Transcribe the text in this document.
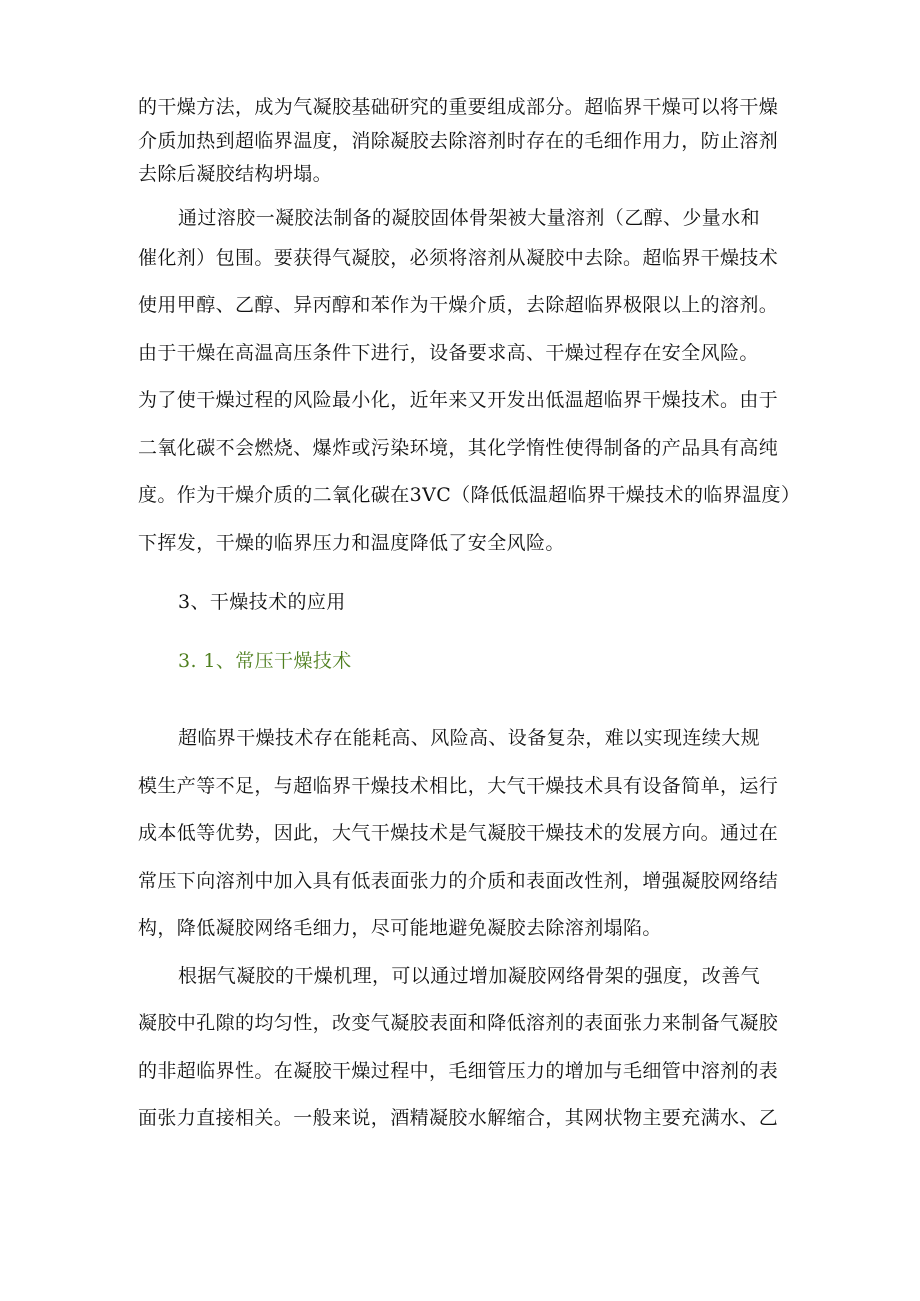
的干燥方法，成为气凝胶基础研究的重要组成部分。超临界干燥可以将干燥
介质加热到超临界温度，消除凝胶去除溶剂时存在的毛细作用力，防止溶剂
去除后凝胶结构坍塌。
通过溶胶一凝胶法制备的凝胶固体骨架被大量溶剂（乙醇、少量水和
催化剂）包围。要获得气凝胶，必须将溶剂从凝胶中去除。超临界干燥技术
使用甲醇、乙醇、异丙醇和苯作为干燥介质，去除超临界极限以上的溶剂。
由于干燥在高温高压条件下进行，设备要求高、干燥过程存在安全风险。
为了使干燥过程的风险最小化，近年来又开发出低温超临界干燥技术。由于
二氧化碳不会燃烧、爆炸或污染环境，其化学惰性使得制备的产品具有高纯
度。作为干燥介质的二氧化碳在3VC（降低低温超临界干燥技术的临界温度）
下挥发，干燥的临界压力和温度降低了安全风险。
3、干燥技术的应用
3. 1、常压干燥技术
超临界干燥技术存在能耗高、风险高、设备复杂，难以实现连续大规
模生产等不足，与超临界干燥技术相比，大气干燥技术具有设备简单，运行
成本低等优势，因此，大气干燥技术是气凝胶干燥技术的发展方向。通过在
常压下向溶剂中加入具有低表面张力的介质和表面改性剂，增强凝胶网络结
构，降低凝胶网络毛细力，尽可能地避免凝胶去除溶剂塌陷。
根据气凝胶的干燥机理，可以通过增加凝胶网络骨架的强度，改善气
凝胶中孔隙的均匀性，改变气凝胶表面和降低溶剂的表面张力来制备气凝胶
的非超临界性。在凝胶干燥过程中，毛细管压力的增加与毛细管中溶剂的表
面张力直接相关。一般来说，酒精凝胶水解缩合，其网状物主要充满水、乙
